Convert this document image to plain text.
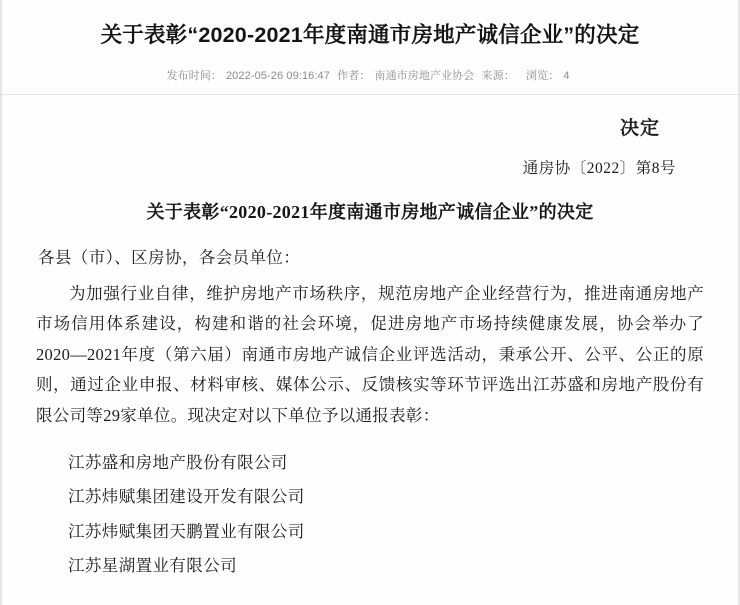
关于表彰“2020-2021年度南通市房地产诚信企业”的决定
发布时间： 2022-05-26 09:16:47 作者： 南通市房地产业协会 来源： 浏览： 4
决定
通房协〔2022〕第8号
关于表彰“2020-2021年度南通市房地产诚信企业”的决定
各县（市）、区房协，各会员单位：
为加强行业自律，维护房地产市场秩序，规范房地产企业经营行为，推进南通房地产市场信用体系建设，构建和谐的社会环境，促进房地产市场持续健康发展，协会举办了2020—2021年度（第六届）南通市房地产诚信企业评选活动，秉承公开、公平、公正的原则，通过企业申报、材料审核、媒体公示、反馈核实等环节评选出江苏盛和房地产股份有限公司等29家单位。现决定对以下单位予以通报表彰：
江苏盛和房地产股份有限公司
江苏炜赋集团建设开发有限公司
江苏炜赋集团天鹏置业有限公司
江苏星湖置业有限公司
